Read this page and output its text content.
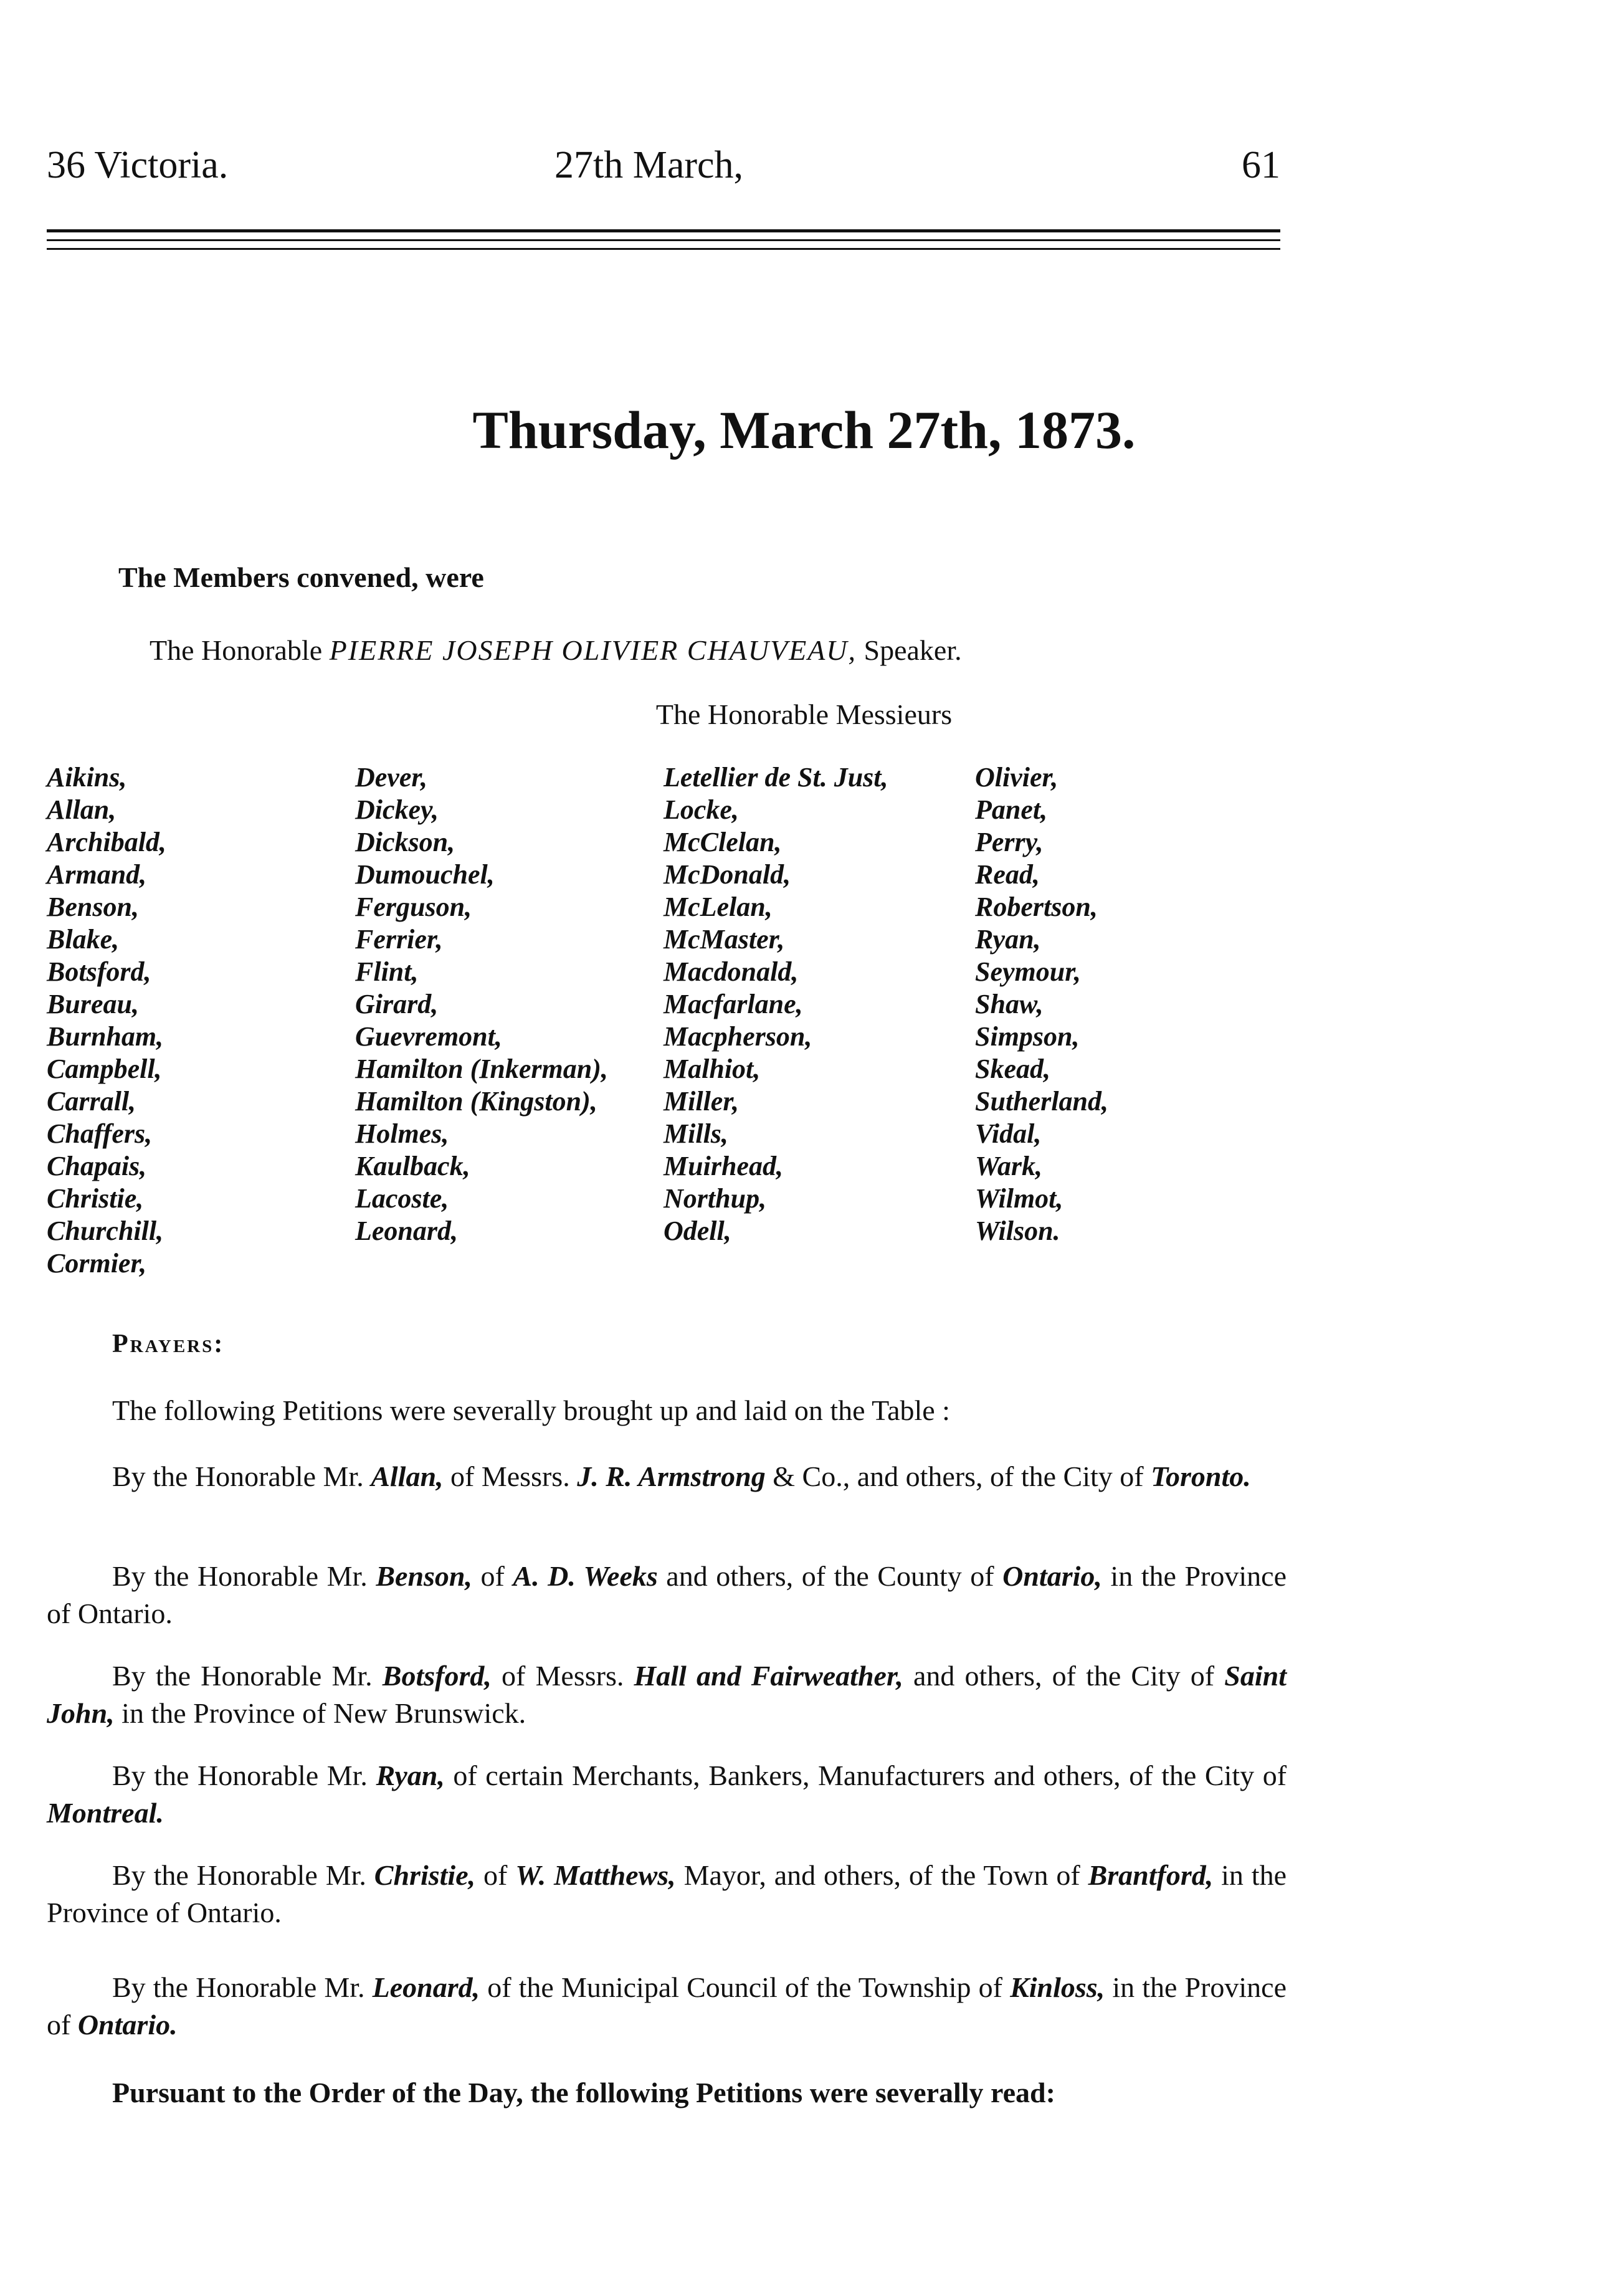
36 Victoria.	27th March,	61
Thursday, March 27th, 1873.
The Members convened, were
The Honorable PIERRE JOSEPH OLIVIER CHAUVEAU, Speaker.
The Honorable Messieurs
Aikins,
Allan,
Archibald,
Armand,
Benson,
Blake,
Botsford,
Bureau,
Burnham,
Campbell,
Carrall,
Chaffers,
Chapais,
Christie,
Churchill,
Cormier,
Dever,
Dickey,
Dickson,
Dumouchel,
Ferguson,
Ferrier,
Flint,
Girard,
Guevremont,
Hamilton (Inkerman),
Hamilton (Kingston),
Holmes,
Kaulback,
Lacoste,
Leonard,
Letellier de St. Just,
Locke,
McClelan,
McDonald,
McLelan,
McMaster,
Macdonald,
Macfarlane,
Macpherson,
Malhiot,
Miller,
Mills,
Muirhead,
Northup,
Odell,
Olivier,
Panet,
Perry,
Read,
Robertson,
Ryan,
Seymour,
Shaw,
Simpson,
Skead,
Sutherland,
Vidal,
Wark,
Wilmot,
Wilson.
Prayers:
The following Petitions were severally brought up and laid on the Table :
By the Honorable Mr. Allan, of Messrs. J. R. Armstrong & Co., and others, of the City of Toronto.
By the Honorable Mr. Benson, of A. D. Weeks and others, of the County of Ontario, in the Province of Ontario.
By the Honorable Mr. Botsford, of Messrs. Hall and Fairweather, and others, of the City of Saint John, in the Province of New Brunswick.
By the Honorable Mr. Ryan, of certain Merchants, Bankers, Manufacturers and others, of the City of Montreal.
By the Honorable Mr. Christie, of W. Matthews, Mayor, and others, of the Town of Brantford, in the Province of Ontario.
By the Honorable Mr. Leonard, of the Municipal Council of the Township of Kinloss, in the Province of Ontario.
Pursuant to the Order of the Day, the following Petitions were severally read:
